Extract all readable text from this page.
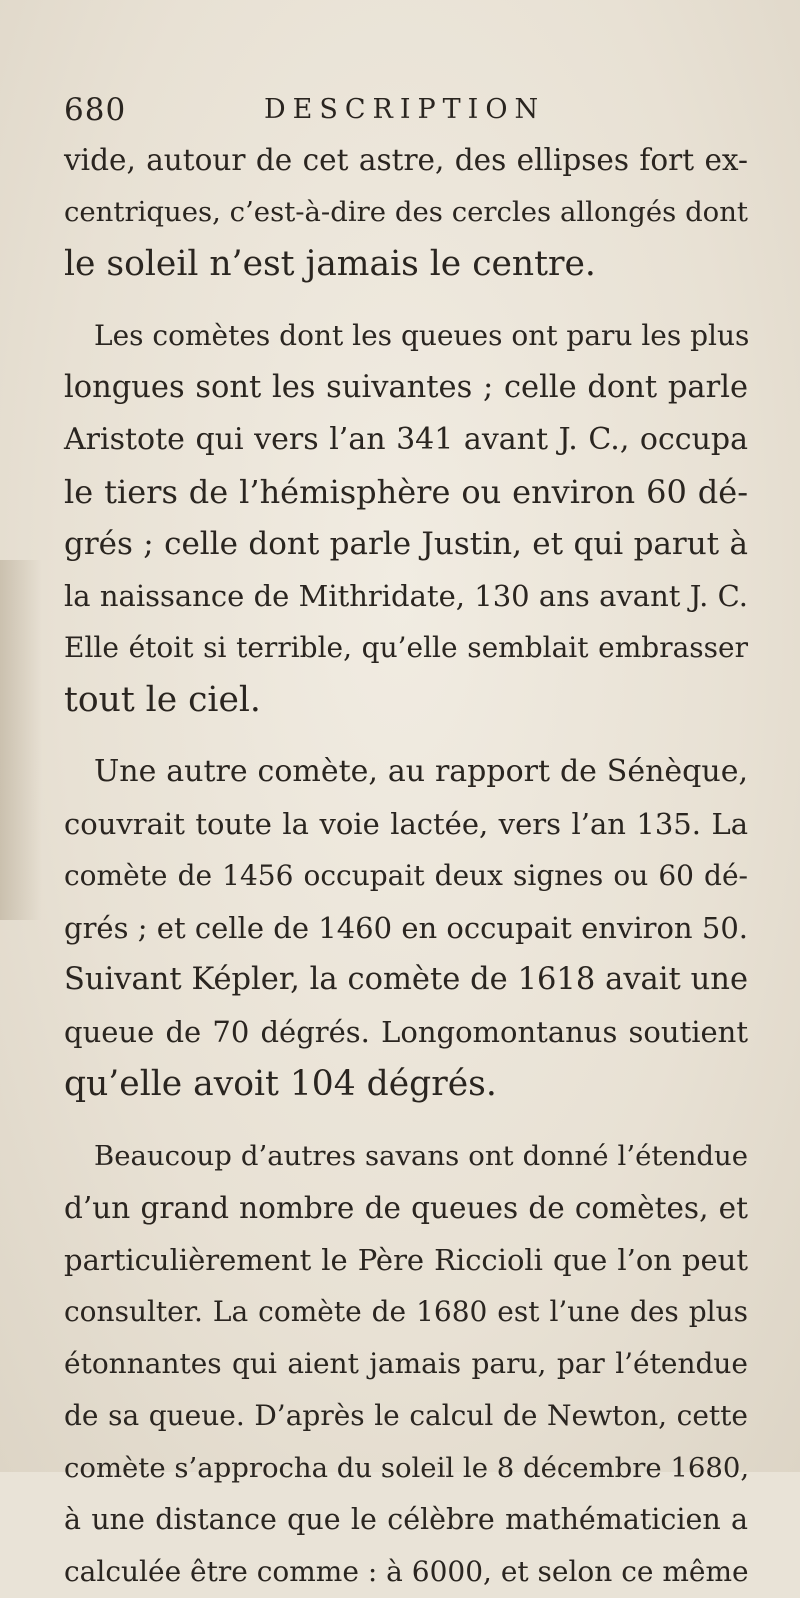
680	DESCRIPTION
vide, autour de cet astre, des ellipses fort ex-
centriques, c’est-à-dire des cercles allongés dont
le soleil n’est jamais le centre.
Les comètes dont les queues ont paru les plus
longues sont les suivantes ; celle dont parle
Aristote qui vers l’an 341 avant J. C., occupa
le tiers de l’hémisphère ou environ 60 dé-
grés ; celle dont parle Justin, et qui parut à
la naissance de Mithridate, 130 ans avant J. C.
Elle étoit si terrible, qu’elle semblait embrasser
tout le ciel.
Une autre comète, au rapport de Sénèque,
couvrait toute la voie lactée, vers l’an 135. La
comète de 1456 occupait deux signes ou 60 dé-
grés ; et celle de 1460 en occupait environ 50.
Suivant Képler, la comète de 1618 avait une
queue de 70 dégrés. Longomontanus soutient
qu’elle avoit 104 dégrés.
Beaucoup d’autres savans ont donné l’étendue
d’un grand nombre de queues de comètes, et
particulièrement le Père Riccioli que l’on peut
consulter. La comète de 1680 est l’une des plus
étonnantes qui aient jamais paru, par l’étendue
de sa queue. D’après le calcul de Newton, cette
comète s’approcha du soleil le 8 décembre 1680,
à une distance que le célèbre mathématicien a
calculée être comme : à 6000, et selon ce même
